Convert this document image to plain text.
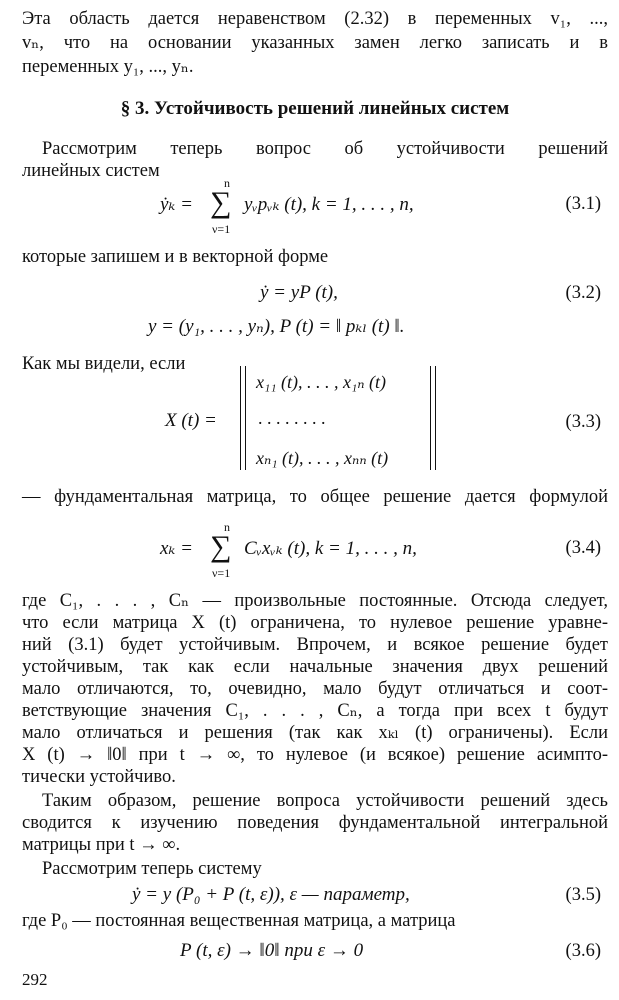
Эта область дается неравенством (2.32) в переменных v₁, ...,
vₙ, что на основании указанных замен легко записать и в
переменных y₁, ..., yₙ.
§ 3. Устойчивость решений линейных систем
Рассмотрим теперь вопрос об устойчивости решений
линейных систем
ẏₖ =
n
∑
ν=1
yᵥpᵥₖ (t), k = 1, . . . , n,	(3.1)
которые запишем и в векторной форме
ẏ = yP (t),	(3.2)
y = (y₁, . . . , yₙ), P (t) = ‖ pₖₗ (t) ‖.
Как мы видели, если
X (t) =
x₁₁ (t), . . . , x₁ₙ (t)
. . . . . . . .
xₙ₁ (t), . . . , xₙₙ (t)
(3.3)
— фундаментальная матрица, то общее решение дается формулой
xₖ =
n
∑
ν=1
Cᵥxᵥₖ (t), k = 1, . . . , n,	(3.4)
где C₁, . . . , Cₙ — произвольные постоянные. Отсюда следует,
что если матрица X (t) ограничена, то нулевое решение уравне-
ний (3.1) будет устойчивым. Впрочем, и всякое решение будет
устойчивым, так как если начальные значения двух решений
мало отличаются, то, очевидно, мало будут отличаться и соот-
ветствующие значения C₁, . . . , Cₙ, а тогда при всех t будут
мало отличаться и решения (так как xₖₗ (t) ограничены). Если
X (t) → ‖0‖ при t → ∞, то нулевое (и всякое) решение асимпто-
тически устойчиво.
Таким образом, решение вопроса устойчивости решений здесь
сводится к изучению поведения фундаментальной интегральной
матрицы при t → ∞.
Рассмотрим теперь систему
ẏ = y (P₀ + P (t, ε)), ε — параметр,	(3.5)
где P₀ — постоянная вещественная матрица, а матрица
P (t, ε) → ‖0‖ при ε → 0	(3.6)
292
